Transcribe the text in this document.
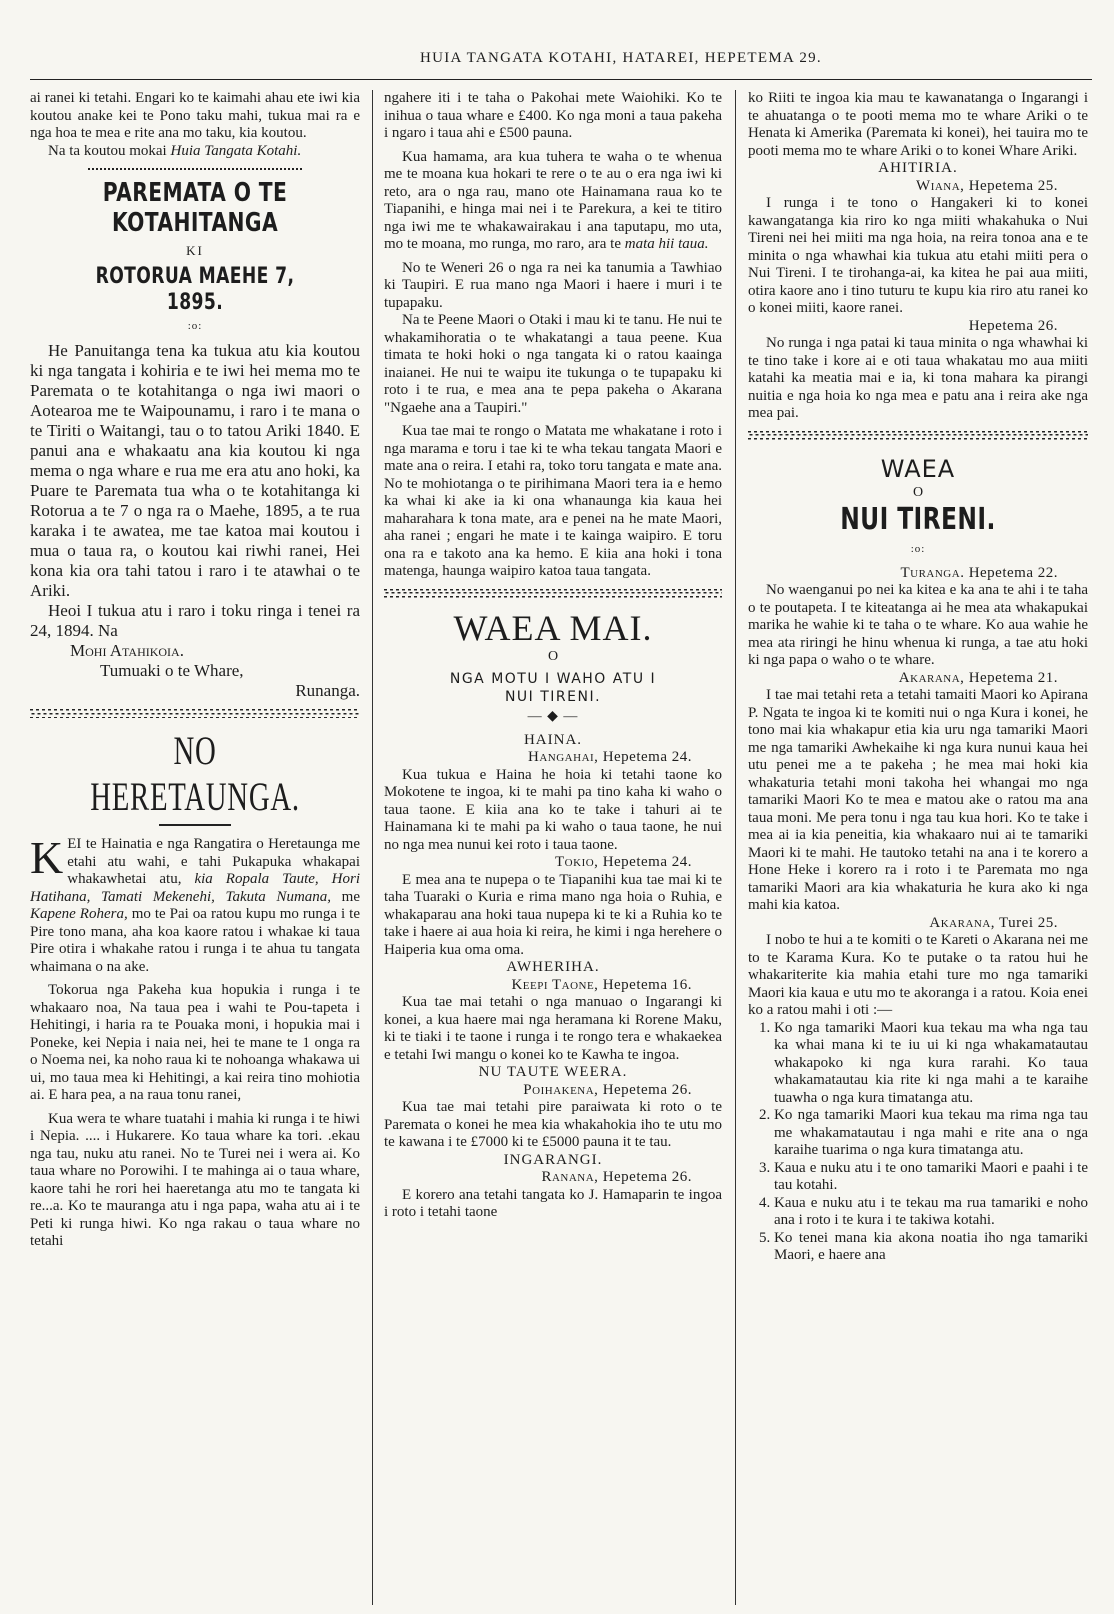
HUIA TANGATA KOTAHI, HATAREI, HEPETEMA 29.

ai ranei ki tetahi. Engari ko te kaimahi ahau ete iwi kia koutou anake kei te Pono taku mahi, tukua mai ra e nga hoa te mea e rite ana mo taku, kia koutou.

Na ta koutou mokai Huia Tangata Kotahi.

PAREMATA O TE KOTAHITANGA
KI
ROTORUA MAEHE 7, 1895.
:o:

He Panuitanga tena ka tukua atu kia koutou ki nga tangata i kohiria e te iwi hei mema mo te Paremata o te kotahitanga o nga iwi maori o Aotearoa me te Waipounamu, i raro i te mana o te Tiriti o Waitangi, tau o to tatou Ariki 1840. E panui ana e whakaatu ana kia koutou ki nga mema o nga whare e rua me era atu ano hoki, ka Puare te Paremata tua wha o te kotahitanga ki Rotorua a te 7 o nga ra o Maehe, 1895, a te rua karaka i te awatea, me tae katoa mai koutou i mua o taua ra, o koutou kai riwhi ranei, Hei kona kia ora tahi tatou i raro i te atawhai o te Ariki.

Heoi I tukua atu i raro i toku ringa i tenei ra 24, 1894. Na

Mohi Atahikoia.

Tumuaki o te Whare,

Runanga.

NO HERETAUNGA.

KEI te Hainatia e nga Rangatira o Heretaunga me etahi atu wahi, e tahi Pukapuka whakapai whakawhetai atu, kia Ropala Taute, Hori Hatihana, Tamati Mekenehi, Takuta Numana, me Kapene Rohera, mo te Pai oa ratou kupu mo runga i te Pire tono mana, aha koa kaore ratou i whakae ki taua Pire otira i whakahe ratou i runga i te ahua tu tangata whaimana o na ake.

Tokorua nga Pakeha kua hopukia i runga i te whakaaro noa, Na taua pea i wahi te Pou-tapeta i Hehitingi, i haria ra te Pouaka moni, i hopukia mai i Poneke, kei Nepia i naia nei, hei te mane te 1 onga ra o Noema nei, ka noho raua ki te nohoanga whakawa ui ui, mo taua mea ki Hehitingi, a kai reira tino mohiotia ai. E hara pea, a na raua tonu ranei,

Kua wera te whare tuatahi i mahia ki runga i te hiwi i Nepia. .... i Hukarere. Ko taua whare ka tori. .ekau nga tau, nuku atu ranei. No te Turei nei i wera ai. Ko taua whare no Porowihi. I te mahinga ai o taua whare, kaore tahi he rori hei haeretanga atu mo te tangata ki re...a. Ko te mauranga atu i nga papa, waha atu ai i te Peti ki runga hiwi. Ko nga rakau o taua whare no tetahi

ngahere iti i te taha o Pakohai mete Waiohiki. Ko te inihua o taua whare e £400. Ko nga moni a taua pakeha i ngaro i taua ahi e £500 pauna.

Kua hamama, ara kua tuhera te waha o te whenua me te moana kua hokari te rere o te au o era nga iwi ki reto, ara o nga rau, mano ote Hainamana raua ko te Tiapanihi, e hinga mai nei i te Parekura, a kei te titiro nga iwi me te whakawairakau i ana taputapu, mo uta, mo te moana, mo runga, mo raro, ara te mata hii taua.

No te Weneri 26 o nga ra nei ka tanumia a Tawhiao ki Taupiri. E rua mano nga Maori i haere i muri i te tupapaku.

Na te Peene Maori o Otaki i mau ki te tanu. He nui te whakamihoratia o te whakatangi a taua peene. Kua timata te hoki hoki o nga tangata ki o ratou kaainga inaianei. He nui te waipu ite tukunga o te tupapaku ki roto i te rua, e mea ana te pepa pakeha o Akarana "Ngaehe ana a Taupiri."

Kua tae mai te rongo o Matata me whakatane i roto i nga marama e toru i tae ki te wha tekau tangata Maori e mate ana o reira. I etahi ra, toko toru tangata e mate ana. No te mohiotanga o te pirihimana Maori tera ia e hemo ka whai ki ake ia ki ona whanaunga kia kaua hei maharahara k tona mate, ara e penei na he mate Maori, aha ranei ; engari he mate i te kainga waipiro. E toru ona ra e takoto ana ka hemo. E kiia ana hoki i tona matenga, haunga waipiro katoa taua tangata.

WAEA MAI.
O
NGA MOTU I WAHO ATU I
NUI TIRENI.
— ◆ —
HAINA.
Hangahai, Hepetema 24.

Kua tukua e Haina he hoia ki tetahi taone ko Mokotene te ingoa, ki te mahi pa tino kaha ki waho o taua taone. E kiia ana ko te take i tahuri ai te Hainamana ki te mahi pa ki waho o taua taone, he nui no nga mea nunui kei roto i taua taone.

Tokio, Hepetema 24.

E mea ana te nupepa o te Tiapanihi kua tae mai ki te taha Tuaraki o Kuria e rima mano nga hoia o Ruhia, e whakaparau ana hoki taua nupepa ki te ki a Ruhia ko te take i haere ai aua hoia ki reira, he kimi i nga herehere o Haiperia kua oma oma.

AWHERIHA.
Keepi Taone, Hepetema 16.

Kua tae mai tetahi o nga manuao o Ingarangi ki konei, a kua haere mai nga heramana ki Rorene Maku, ki te tiaki i te taone i runga i te rongo tera e whakaekea e tetahi Iwi mangu o konei ko te Kawha te ingoa.

NU TAUTE WEERA.
Poihakena, Hepetema 26.

Kua tae mai tetahi pire paraiwata ki roto o te Paremata o konei he mea kia whakahokia iho te utu mo te kawana i te £7000 ki te £5000 pauna it te tau.

INGARANGI.
Ranana, Hepetema 26.

E korero ana tetahi tangata ko J. Hamaparin te ingoa i roto i tetahi taone

ko Riiti te ingoa kia mau te kawanatanga o Ingarangi i te ahuatanga o te pooti mema mo te whare Ariki o te Henata ki Amerika (Paremata ki konei), hei tauira mo te pooti mema mo te whare Ariki o to konei Whare Ariki.

AHITIRIA.
Wiana, Hepetema 25.

I runga i te tono o Hangakeri ki to konei kawangatanga kia riro ko nga miiti whakahuka o Nui Tireni nei hei miiti ma nga hoia, na reira tonoa ana e te minita o nga whawhai kia tukua atu etahi miiti pera o Nui Tireni. I te tirohanga-ai, ka kitea he pai aua miiti, otira kaore ano i tino tuturu te kupu kia riro atu ranei ko o konei miiti, kaore ranei.

Hepetema 26.

No runga i nga patai ki taua minita o nga whawhai ki te tino take i kore ai e oti taua whakatau mo aua miiti katahi ka meatia mai e ia, ki tona mahara ka pirangi nuitia e nga hoia ko nga mea e patu ana i reira ake nga mea pai.

WAEA
O
NUI TIRENI.
:o:
Turanga. Hepetema 22.

No waenganui po nei ka kitea e ka ana te ahi i te taha o te poutapeta. I te kiteatanga ai he mea ata whakapukai marika he wahie ki te taha o te whare. Ko aua wahie he mea ata riringi he hinu whenua ki runga, a tae atu hoki ki nga papa o waho o te whare.

Akarana, Hepetema 21.

I tae mai tetahi reta a tetahi tamaiti Maori ko Apirana P. Ngata te ingoa ki te komiti nui o nga Kura i konei, he tono mai kia whakapur etia kia uru nga tamariki Maori me nga tamariki Awhekaihe ki nga kura nunui kaua hei utu penei me a te pakeha ; he mea mai hoki kia whakaturia tetahi moni takoha hei whangai mo nga tamariki Maori Ko te mea e matou ake o ratou ma ana taua moni. Me pera tonu i nga tau kua hori. Ko te take i mea ai ia kia peneitia, kia whakaaro nui ai te tamariki Maori ki te mahi. He tautoko tetahi na ana i te korero a Hone Heke i korero ra i roto i te Paremata mo nga tamariki Maori ara kia whakaturia he kura ako ki nga mahi kia katoa.

Akarana, Turei 25.

I nobo te hui a te komiti o te Kareti o Akarana nei me to te Karama Kura. Ko te putake o ta ratou hui he whakariterite kia mahia etahi ture mo nga tamariki Maori kia kaua e utu mo te akoranga i a ratou. Koia enei ko a ratou mahi i oti :—

1. Ko nga tamariki Maori kua tekau ma wha nga tau ka whai mana ki te iu ui ki nga whakamatautau whakapoko ki nga kura rarahi. Ko taua whakamatautau kia rite ki nga mahi a te karaihe tuawha o nga kura timatanga atu.
2. Ko nga tamariki Maori kua tekau ma rima nga tau me whakamatautau i nga mahi e rite ana o nga karaihe tuarima o nga kura timatanga atu.
3. Kaua e nuku atu i te ono tamariki Maori e paahi i te tau kotahi.
4. Kaua e nuku atu i te tekau ma rua tamariki e noho ana i roto i te kura i te takiwa kotahi.
5. Ko tenei mana kia akona noatia iho nga tamariki Maori, e haere ana
